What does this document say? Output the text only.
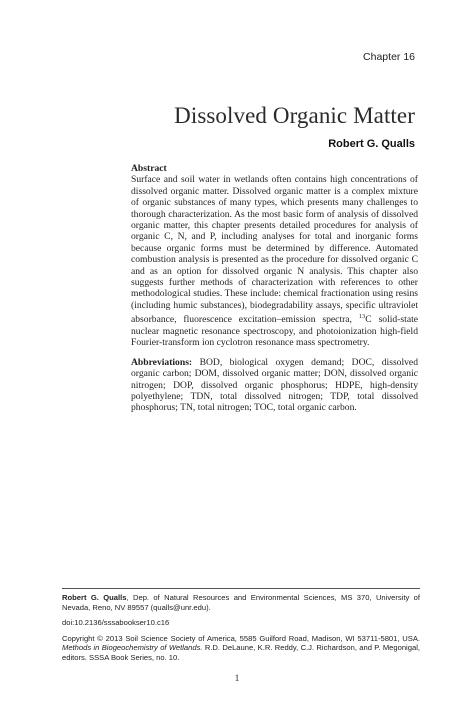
Chapter 16
Dissolved Organic Matter
Robert G. Qualls
Abstract

Surface and soil water in wetlands often contains high concentrations of dissolved organic matter. Dissolved organic matter is a complex mixture of organic substances of many types, which presents many challenges to thorough characterization. As the most basic form of analysis of dissolved organic matter, this chapter presents detailed procedures for analysis of organic C, N, and P, including analyses for total and inorganic forms because organic forms must be determined by difference. Automated combustion analysis is presented as the procedure for dissolved organic C and as an option for dissolved organic N analysis. This chapter also suggests further methods of characterization with references to other methodological studies. These include: chemical fractionation using resins (including humic substances), biodegradability assays, specific ultraviolet absorbance, fluorescence excitation–emission spectra, $^{13}$C solid-state nuclear magnetic resonance spectroscopy, and photoionization high-field Fourier-transform ion cyclotron resonance mass spectrometry.

Abbreviations: BOD, biological oxygen demand; DOC, dissolved organic carbon; DOM, dissolved organic matter; DON, dissolved organic nitrogen; DOP, dissolved organic phosphorus; HDPE, high-density polyethylene; TDN, total dissolved nitrogen; TDP, total dissolved phosphorus; TN, total nitrogen; TOC, total organic carbon.

Robert G. Qualls, Dep. of Natural Resources and Environmental Sciences, MS 370, University of Nevada, Reno, NV 89557 (qualls@unr.edu).

doi:10.2136/sssabookser10.c16

Copyright © 2013 Soil Science Society of America, 5585 Guilford Road, Madison, WI 53711-5801, USA. Methods in Biogeochemistry of Wetlands. R.D. DeLaune, K.R. Reddy, C.J. Richardson, and P. Megonigal, editors. SSSA Book Series, no. 10.

1
